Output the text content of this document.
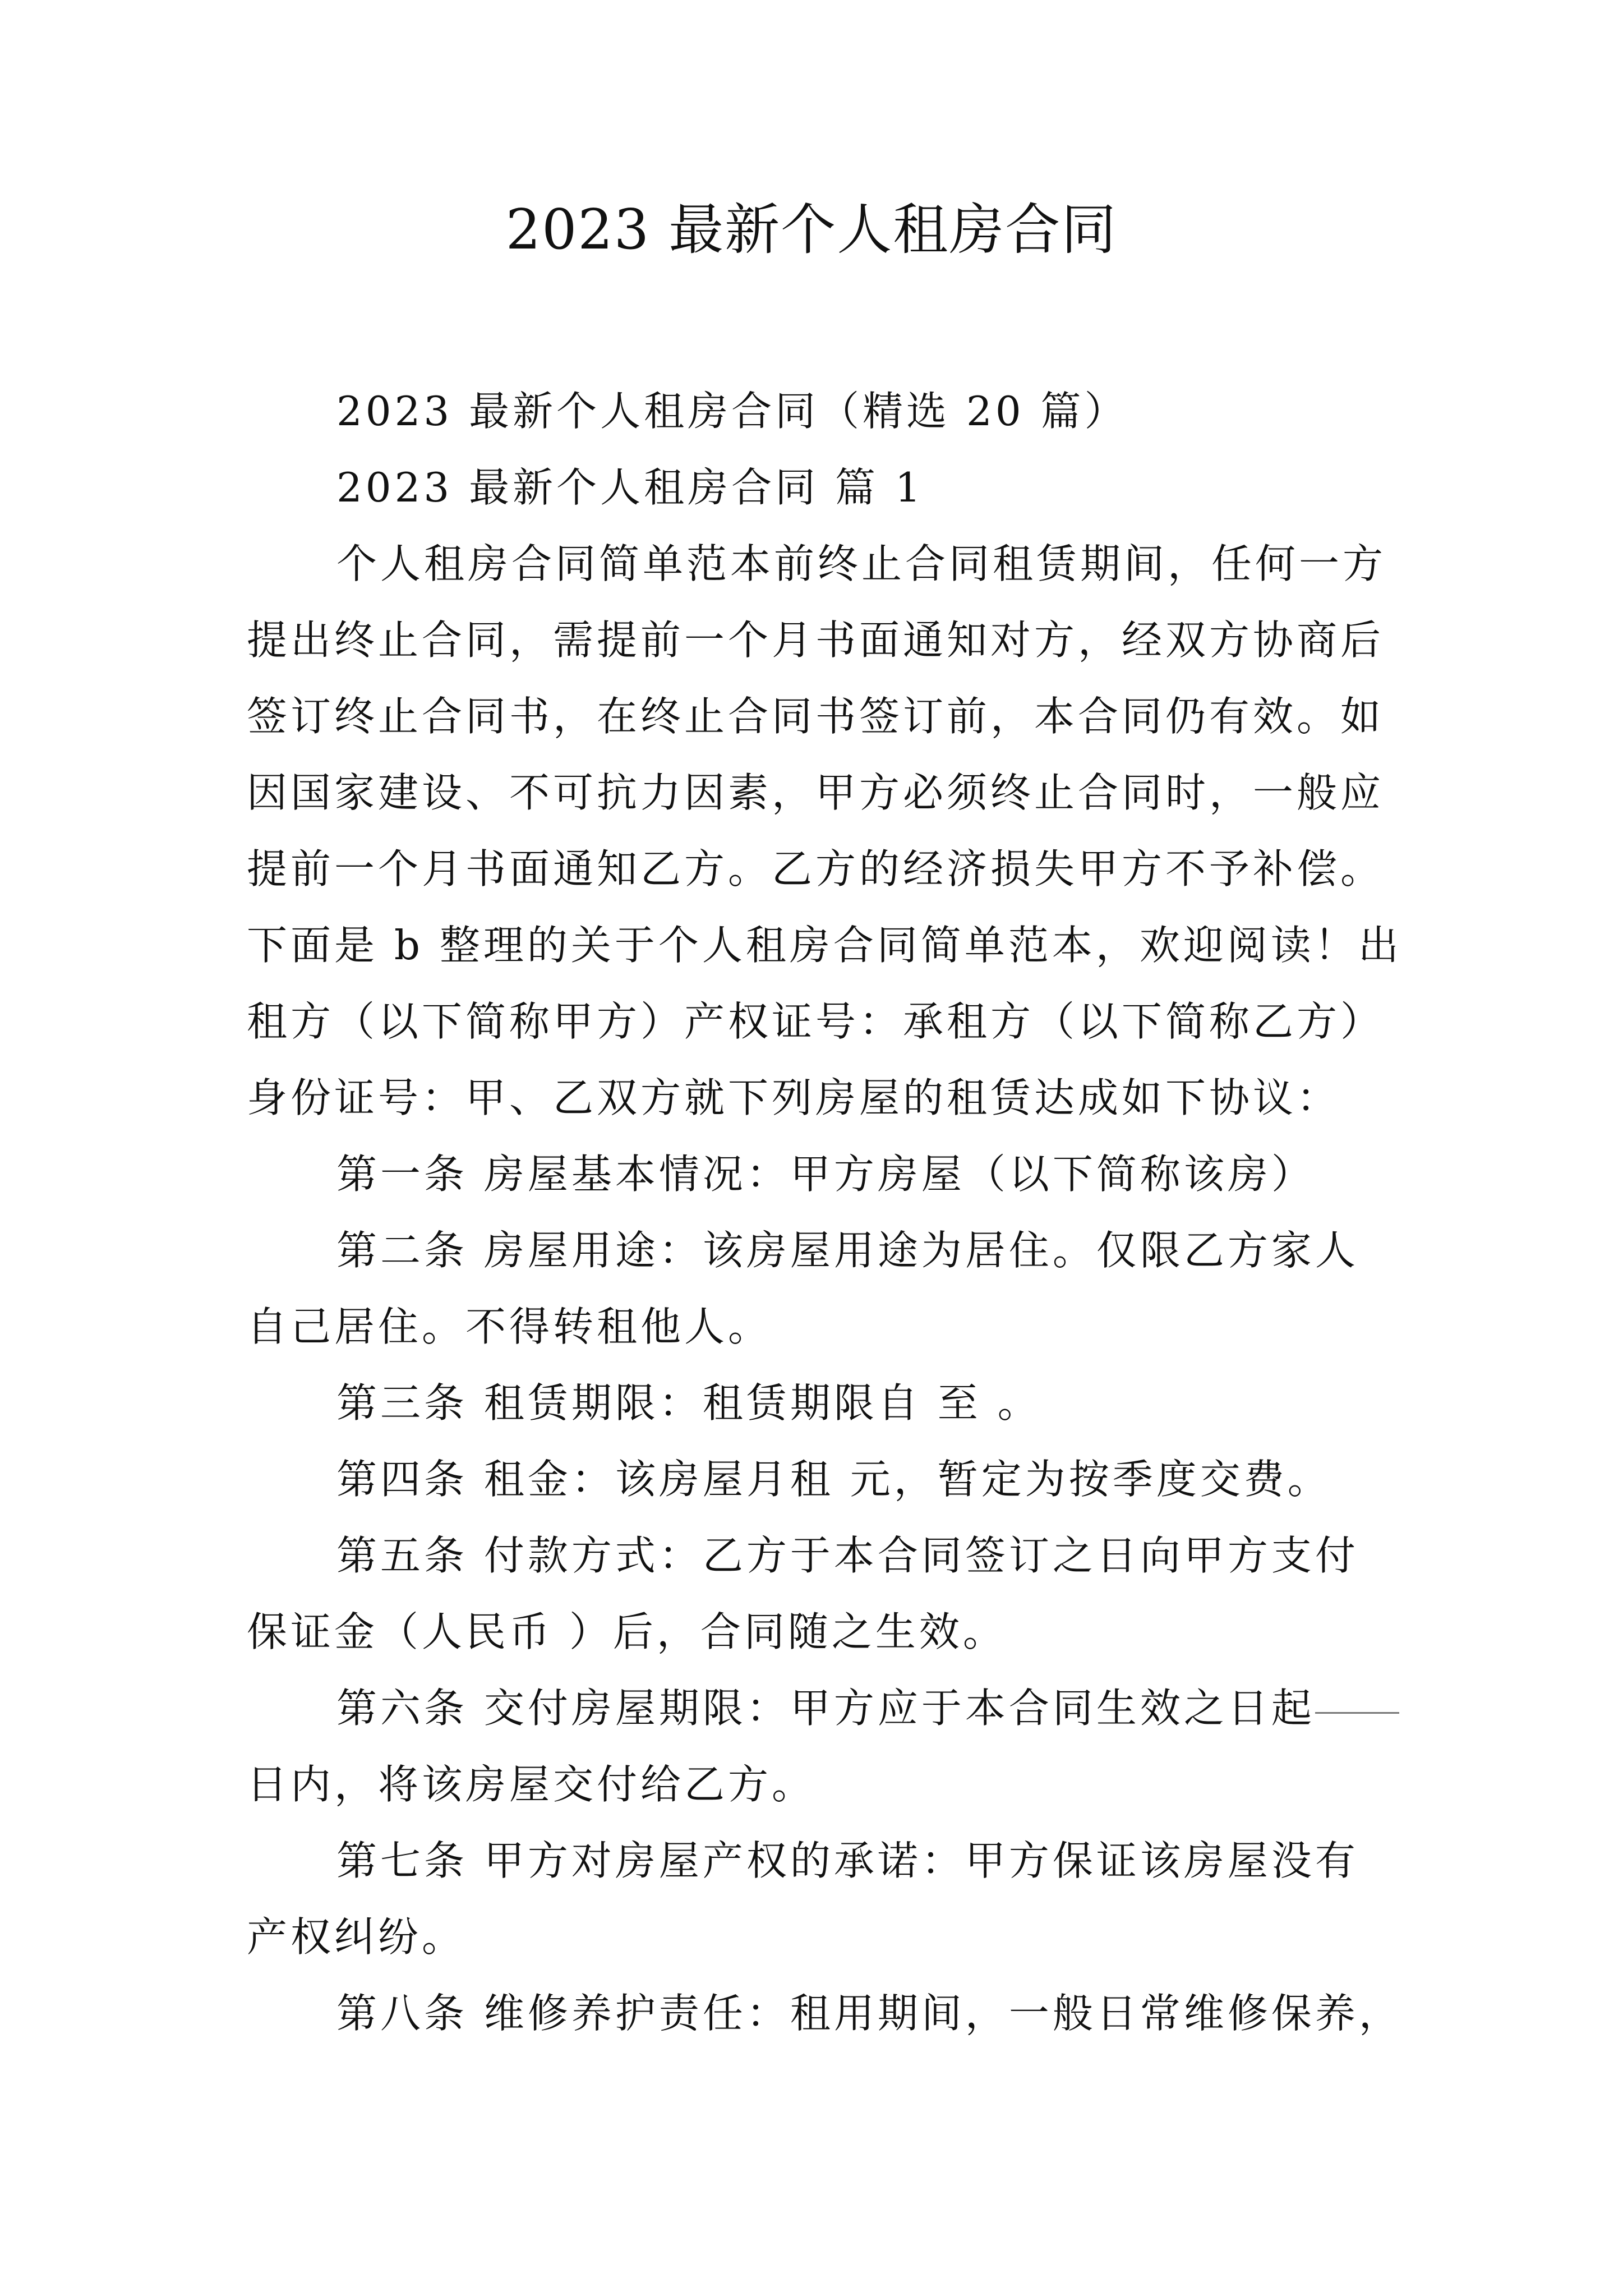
2023 最新个人租房合同
2023 最新个人租房合同（精选 20 篇）
2023 最新个人租房合同 篇 1
个人租房合同简单范本前终止合同租赁期间，任何一方
提出终止合同，需提前一个月书面通知对方，经双方协商后
签订终止合同书，在终止合同书签订前，本合同仍有效。如
因国家建设、不可抗力因素，甲方必须终止合同时，一般应
提前一个月书面通知乙方。乙方的经济损失甲方不予补偿。
下面是 b 整理的关于个人租房合同简单范本，欢迎阅读！出
租方（以下简称甲方）产权证号：承租方（以下简称乙方）
身份证号：甲、乙双方就下列房屋的租赁达成如下协议：
第一条 房屋基本情况：甲方房屋（以下简称该房）
第二条 房屋用途：该房屋用途为居住。仅限乙方家人
自己居住。不得转租他人。
第三条 租赁期限：租赁期限自 至 。
第四条 租金：该房屋月租 元，暂定为按季度交费。
第五条 付款方式：乙方于本合同签订之日向甲方支付
保证金（人民币 ）后，合同随之生效。
第六条 交付房屋期限：甲方应于本合同生效之日起
日内，将该房屋交付给乙方。
第七条 甲方对房屋产权的承诺：甲方保证该房屋没有
产权纠纷。
第八条 维修养护责任：租用期间，一般日常维修保养，
